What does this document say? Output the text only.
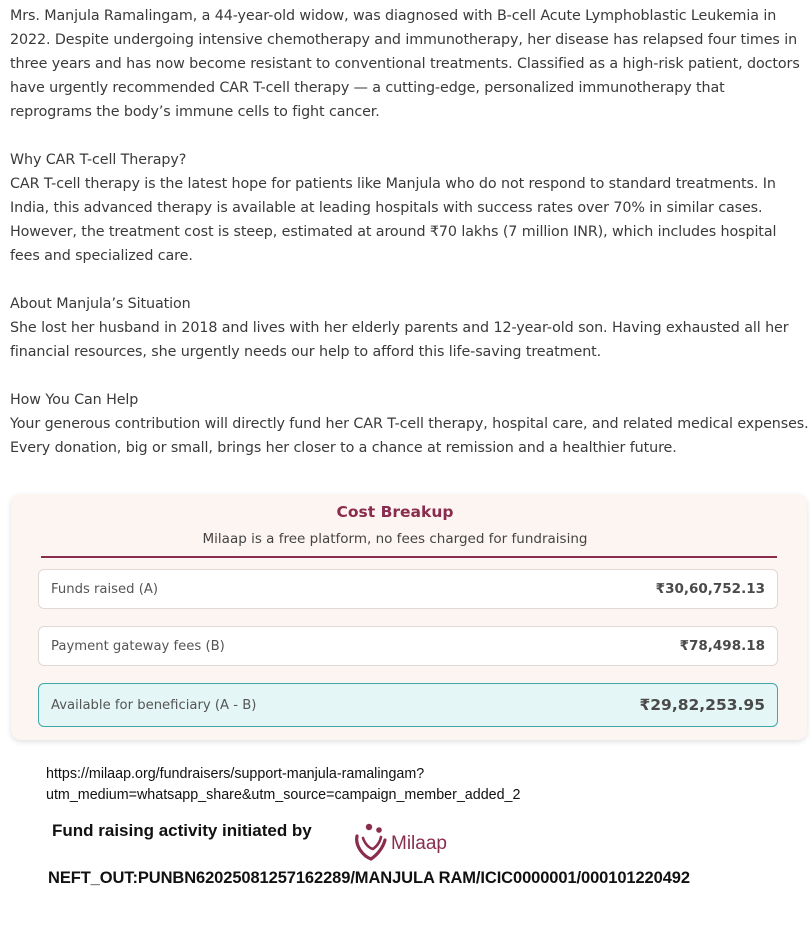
Mrs. Manjula Ramalingam, a 44-year-old widow, was diagnosed with B-cell Acute Lymphoblastic Leukemia in 2022. Despite undergoing intensive chemotherapy and immunotherapy, her disease has relapsed four times in three years and has now become resistant to conventional treatments. Classified as a high-risk patient, doctors have urgently recommended CAR T-cell therapy — a cutting-edge, personalized immunotherapy that reprograms the body’s immune cells to fight cancer.

Why CAR T-cell Therapy?
CAR T-cell therapy is the latest hope for patients like Manjula who do not respond to standard treatments. In India, this advanced therapy is available at leading hospitals with success rates over 70% in similar cases. However, the treatment cost is steep, estimated at around ₹70 lakhs (7 million INR), which includes hospital fees and specialized care.

About Manjula’s Situation
She lost her husband in 2018 and lives with her elderly parents and 12-year-old son. Having exhausted all her financial resources, she urgently needs our help to afford this life-saving treatment.

How You Can Help
Your generous contribution will directly fund her CAR T-cell therapy, hospital care, and related medical expenses. Every donation, big or small, brings her closer to a chance at remission and a healthier future.

Cost Breakup
Milaap is a free platform, no fees charged for fundraising
Funds raised (A)	₹30,60,752.13
Payment gateway fees (B)	₹78,498.18
Available for beneficiary (A - B)	₹29,82,253.95
https://milaap.org/fundraisers/support-manjula-ramalingam?
utm_medium=whatsapp_share&utm_source=campaign_member_added_2
Fund raising activity initiated by
Milaap
NEFT_OUT:PUNBN62025081257162289/MANJULA RAM/ICIC0000001/000101220492
